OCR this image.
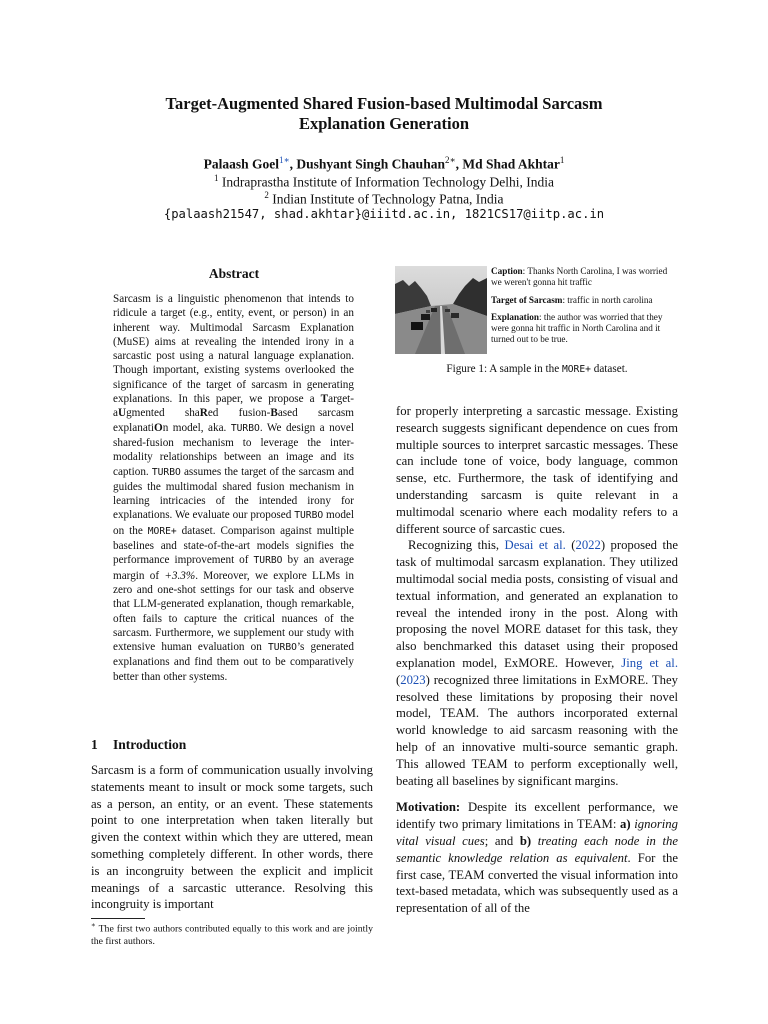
Target-Augmented Shared Fusion-based Multimodal Sarcasm
Explanation Generation
Palaash Goel$^{1∗}$, Dushyant Singh Chauhan$^{2∗}$, Md Shad Akhtar$^1$
$^1$ Indraprastha Institute of Information Technology Delhi, India
$^2$ Indian Institute of Technology Patna, India
{palaash21547, shad.akhtar}@iiitd.ac.in, 1821CS17@iitp.ac.in
Abstract
Sarcasm is a linguistic phenomenon that intends to ridicule a target (e.g., entity, event, or person) in an inherent way. Multimodal Sarcasm Explanation (MuSE) aims at revealing the intended irony in a sarcastic post using a natural language explanation. Though important, existing systems overlooked the significance of the target of sarcasm in generating explanations. In this paper, we propose a Target-aUgmented shaRed fusion-Based sarcasm explanatiOn model, aka. TURBO. We design a novel shared-fusion mechanism to leverage the inter-modality relationships between an image and its caption. TURBO assumes the target of the sarcasm and guides the multimodal shared fusion mechanism in learning intricacies of the intended irony for explanations. We evaluate our proposed TURBO model on the MORE+ dataset. Comparison against multiple baselines and state-of-the-art models signifies the performance improvement of TURBO by an average margin of +3.3%. Moreover, we explore LLMs in zero and one-shot settings for our task and observe that LLM-generated explanation, though remarkable, often fails to capture the critical nuances of the sarcasm. Furthermore, we supplement our study with extensive human evaluation on TURBO’s generated explanations and find them out to be comparatively better than other systems.
1 Introduction

Sarcasm is a form of communication usually involving statements meant to insult or mock some targets, such as a person, an entity, or an event. These statements point to one interpretation when taken literally but given the context within which they are uttered, mean something completely different. In other words, there is an incongruity between the explicit and implicit meanings of a sarcastic utterance. Resolving this incongruity is important

∗ The first two authors contributed equally to this work and are jointly the first authors.

Caption: Thanks North Carolina, I was worried we weren't gonna hit traffic

Target of Sarcasm: traffic in north carolina

Explanation: the author was worried that they were gonna hit traffic in North Carolina and it turned out to be true.

Figure 1: A sample in the MORE+ dataset.

for properly interpreting a sarcastic message. Existing research suggests significant dependence on cues from multiple sources to interpret sarcastic messages. These can include tone of voice, body language, common sense, etc. Furthermore, the task of identifying and understanding sarcasm is quite relevant in a multimodal scenario where each modality refers to a different source of sarcastic cues.

Recognizing this, Desai et al. (2022) proposed the task of multimodal sarcasm explanation. They utilized multimodal social media posts, consisting of visual and textual information, and generated an explanation to reveal the intended irony in the post. Along with proposing the novel MORE dataset for this task, they also benchmarked this dataset using their proposed explanation model, ExMORE. However, Jing et al. (2023) recognized three limitations in ExMORE. They resolved these limitations by proposing their novel model, TEAM. The authors incorporated external world knowledge to aid sarcasm reasoning with the help of an innovative multi-source semantic graph. This allowed TEAM to perform exceptionally well, beating all baselines by significant margins.

Motivation: Despite its excellent performance, we identify two primary limitations in TEAM: a) ignoring vital visual cues; and b) treating each node in the semantic knowledge relation as equivalent. For the first case, TEAM converted the visual information into text-based metadata, which was subsequently used as a representation of all of the
